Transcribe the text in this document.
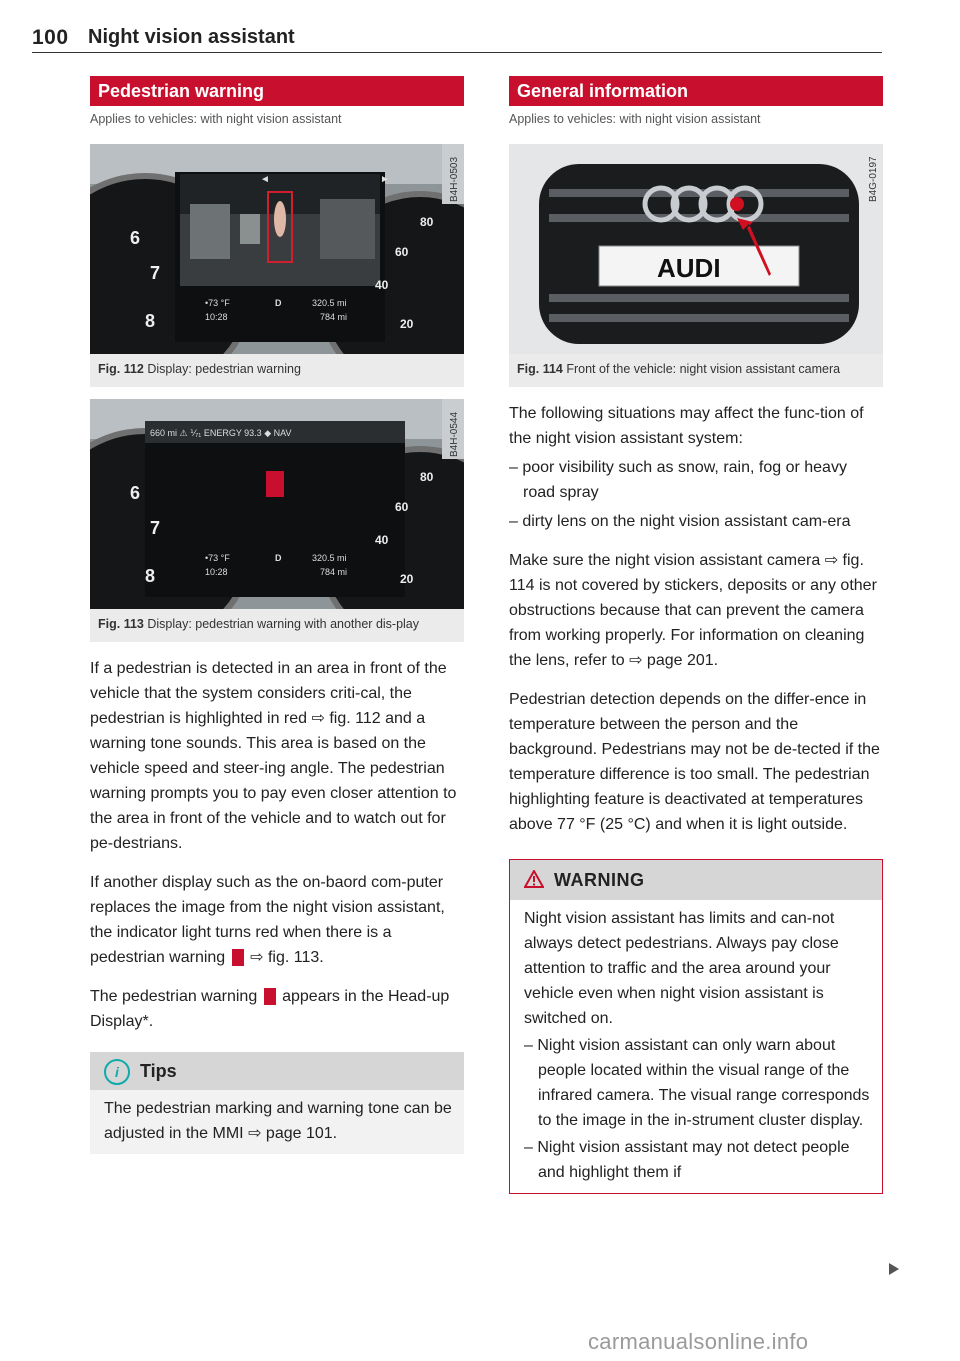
100 Night vision assistant
Pedestrian warning
Applies to vehicles: with night vision assistant
◄	►
•73 °F
10:28
D	320.5 mi
784 mi
6
7
8
80
60
40
20
B4H-0503
Fig. 112 Display: pedestrian warning
660 mi ⚠ ⅟₇₁ ENERGY 93.3 ◆ NAV
•73 °F
10:28
D	320.5 mi
784 mi
6
7
8
80
60
40
20
B4H-0544
Fig. 113 Display: pedestrian warning with another dis-play

If a pedestrian is detected in an area in front of the vehicle that the system considers criti-cal, the pedestrian is highlighted in red ⇨ fig. 112 and a warning tone sounds. This area is based on the vehicle speed and steer-ing angle. The pedestrian warning prompts you to pay even closer attention to the area in front of the vehicle and to watch out for pe-destrians.

If another display such as the on-baord com-puter replaces the image from the night vision assistant, the indicator light turns red when there is a pedestrian warning  ⇨ fig. 113.

The pedestrian warning  appears in the Head-up Display*.

i Tips
The pedestrian marking and warning tone can be adjusted in the MMI ⇨ page 101.
General information
Applies to vehicles: with night vision assistant
AUDI
B4G-0197
Fig. 114 Front of the vehicle: night vision assistant camera

The following situations may affect the func-tion of the night vision assistant system:

– poor visibility such as snow, rain, fog or heavy road spray

– dirty lens on the night vision assistant cam-era

Make sure the night vision assistant camera ⇨ fig. 114 is not covered by stickers, deposits or any other obstructions because that can prevent the camera from working properly. For information on cleaning the lens, refer to ⇨ page 201.

Pedestrian detection depends on the differ-ence in temperature between the person and the background. Pedestrians may not be de-tected if the temperature difference is too small. The pedestrian highlighting feature is deactivated at temperatures above 77 °F (25 °C) and when it is light outside.

WARNING
Night vision assistant has limits and can-not always detect pedestrians. Always pay close attention to traffic and the area around your vehicle even when night vision assistant is switched on.

– Night vision assistant can only warn about people located within the visual range of the infrared camera. The visual range corresponds to the image in the in-strument cluster display.

– Night vision assistant may not detect people and highlight them if

carmanualsonline.info
